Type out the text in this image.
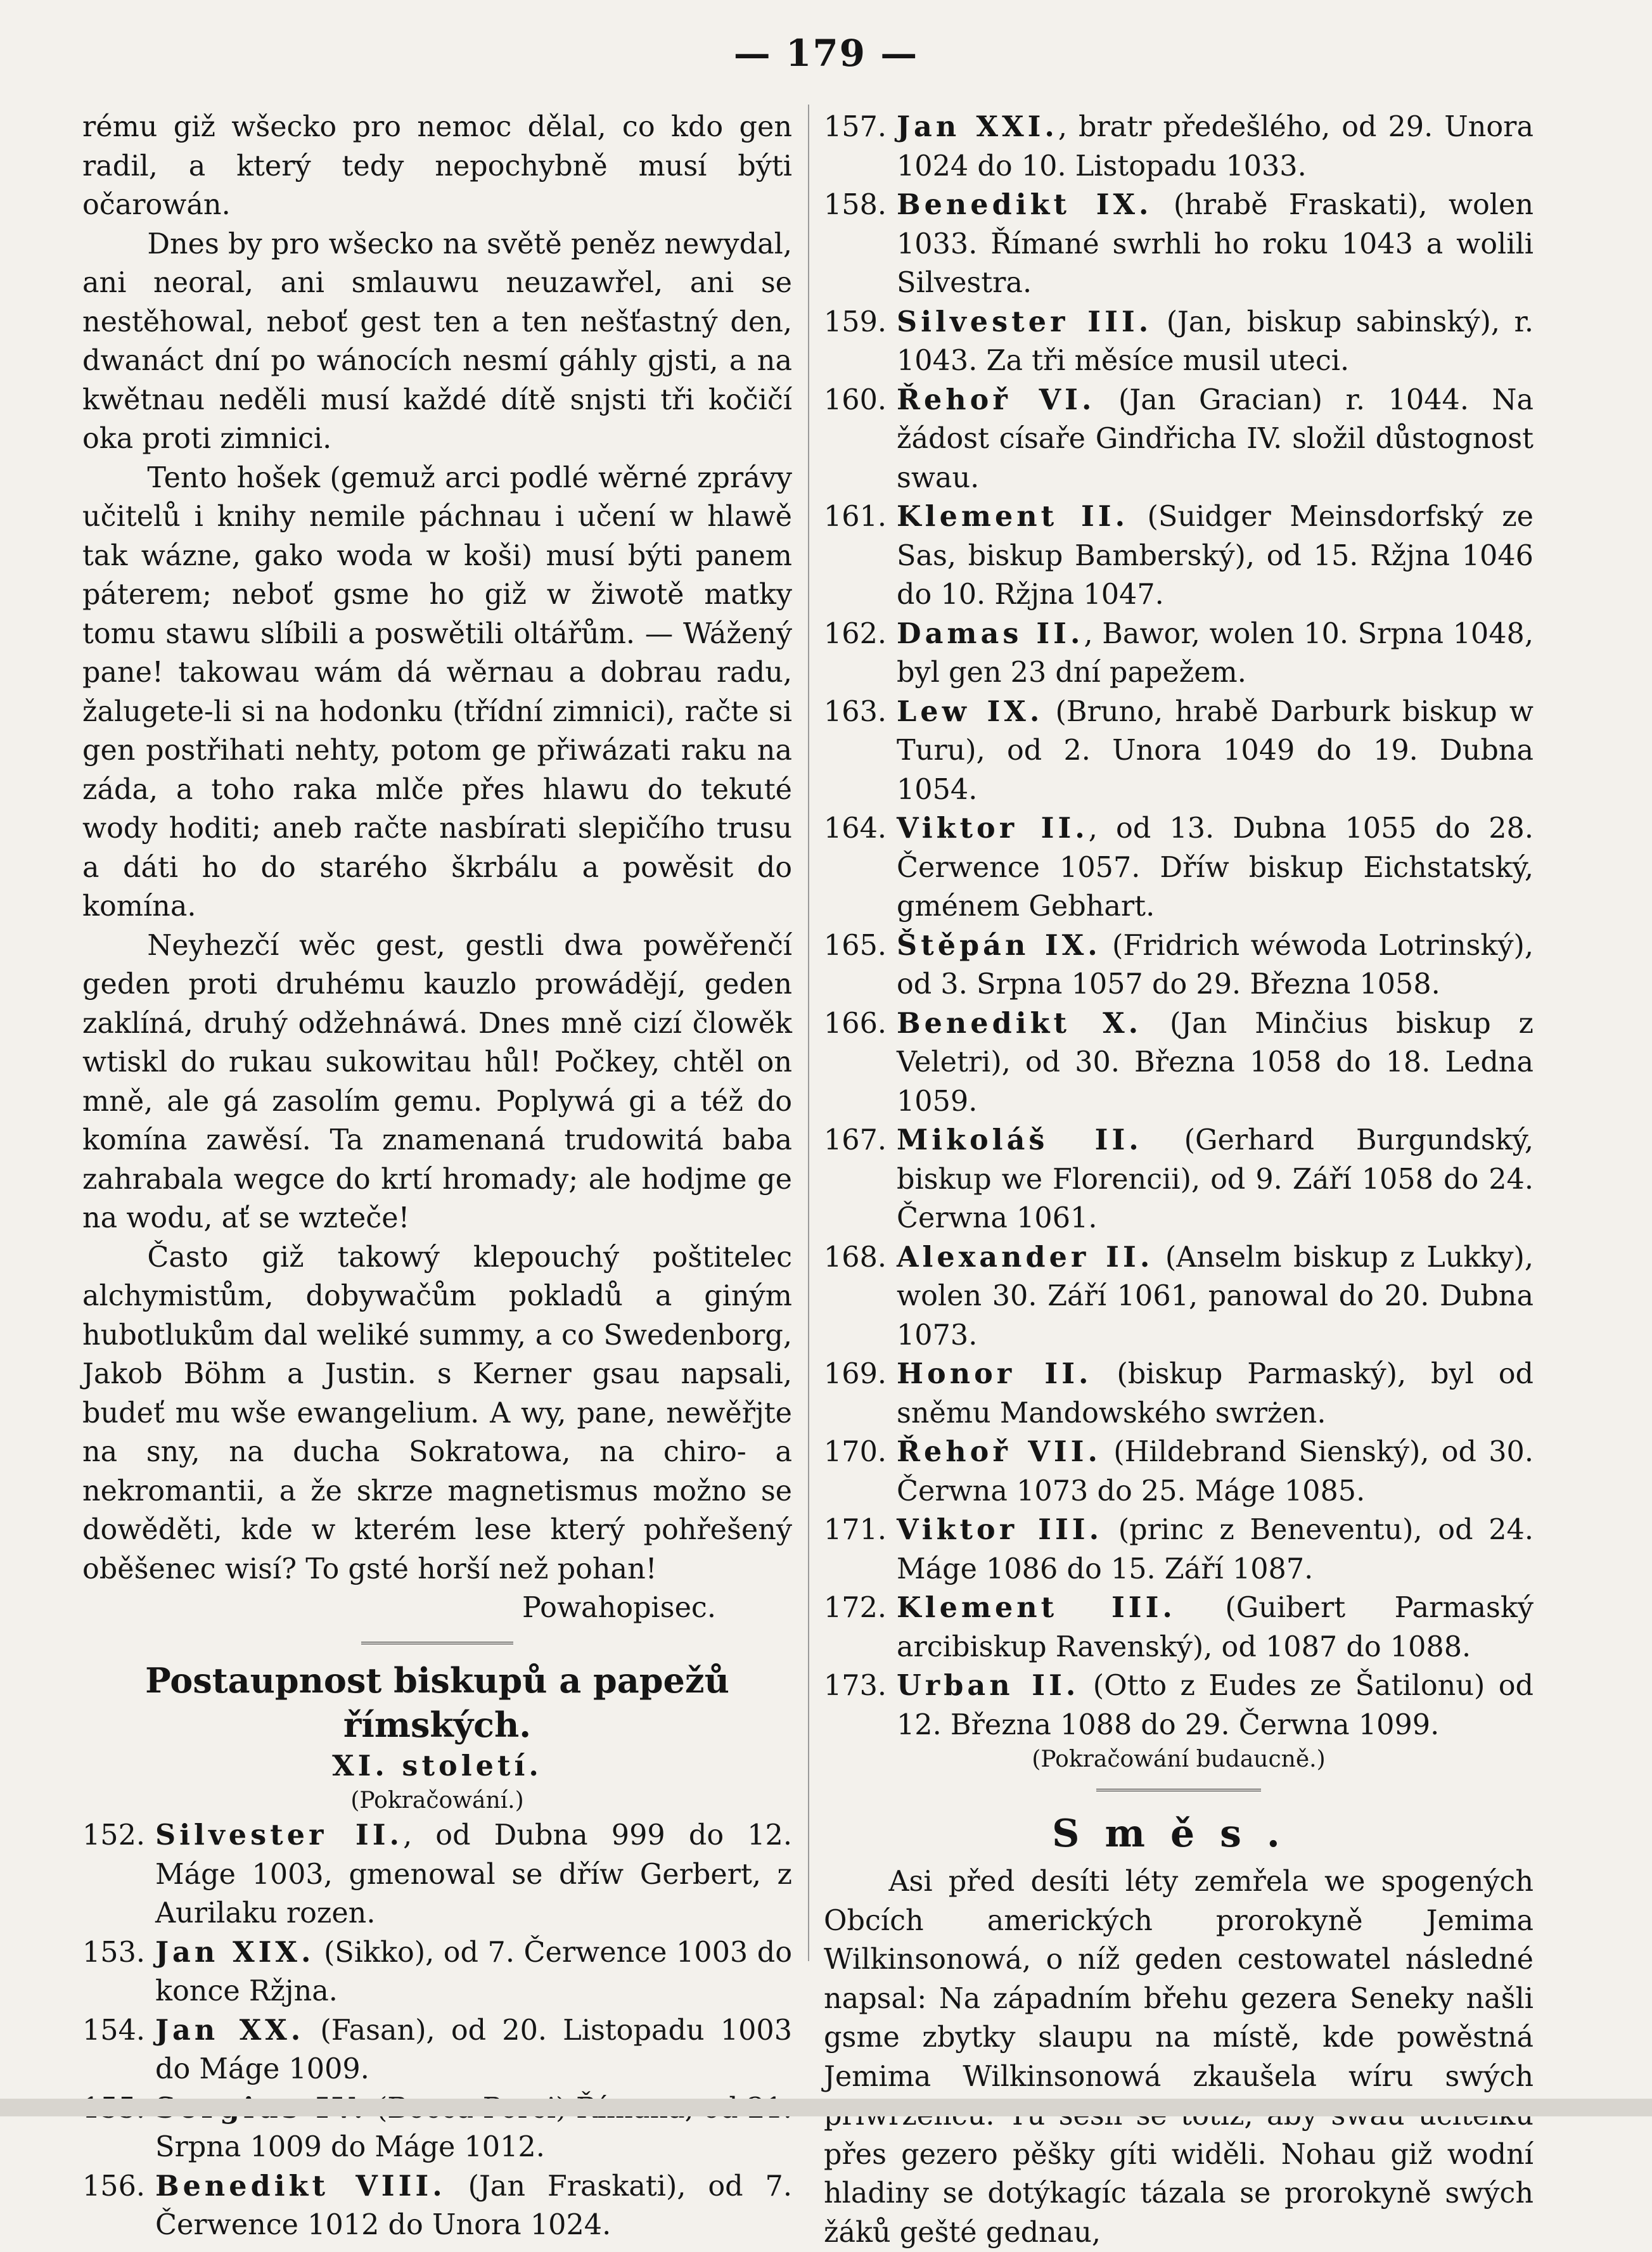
— 179 —

rému giž wšecko pro nemoc dělal, co kdo gen radil, a který tedy nepochybně musí býti očarowán.

Dnes by pro wšecko na světě peněz newydal, ani neoral, ani smlauwu neuzawřel, ani se nestěhowal, neboť gest ten a ten nešťastný den, dwanáct dní po wánocích nesmí gáhly gjsti, a na kwětnau neděli musí každé dítě snjsti tři kočičí oka proti zimnici.

Tento hošek (gemuž arci podlé wěrné zprávy učitelů i knihy nemile páchnau i učení w hlawě tak wázne, gako woda w koši) musí býti panem páterem; neboť gsme ho giž w žiwotě matky tomu stawu slíbili a poswětili oltářům. — Wážený pane! takowau wám dá wěrnau a dobrau radu, žalugete-li si na hodonku (třídní zimnici), račte si gen postřihati nehty, potom ge přiwázati raku na záda, a toho raka mlče přes hlawu do tekuté wody hoditi; aneb račte nasbírati slepičího trusu a dáti ho do starého škrbálu a powěsit do komína.

Neyhezčí wěc gest, gestli dwa powěřenčí geden proti druhému kauzlo prowádějí, geden zaklíná, druhý odžehnáwá. Dnes mně cizí člowěk wtiskl do rukau sukowitau hůl! Počkey, chtěl on mně, ale gá zasolím gemu. Poplywá gi a též do komína zawěsí. Ta znamenaná trudowitá baba zahrabala wegce do krtí hromady; ale hodjme ge na wodu, ať se wzteče!

Často giž takowý klepouchý poštitelec alchymistům, dobywačům pokladů a giným hubotlukům dal weliké summy, a co Swedenborg, Jakob Böhm a Justin. s Kerner gsau napsali, budeť mu wše ewangelium. A wy, pane, newěřjte na sny, na ducha Sokratowa, na chiro- a nekromantii, a že skrze magnetismus možno se dowěděti, kde w kterém lese který pohřešený oběšenec wisí? To gsté horší než pohan!

Powahopisec.

Postaupnost biskupů a papežů římských.
XI. století.
(Pokračowání.)
152. Silvester II., od Dubna 999 do 12. Máge 1003, gmenowal se dříw Gerbert, z Aurilaku rozen.
153. Jan XIX. (Sikko), od 7. Čerwence 1003 do konce Ržjna.
154. Jan XX. (Fasan), od 20. Listopadu 1003 do Máge 1009.
Srpna 1009 do Máge 1012.
156. Benedikt VIII. (Jan Fraskati), od 7. Čerwence 1012 do Unora 1024.
157. Jan XXI., bratr předešlého, od 29. Unora 1024 do 10. Listopadu 1033.
158. Benedikt IX. (hrabě Fraskati), wolen 1033. Římané swrhli ho roku 1043 a wolili Silvestra.
159. Silvester III. (Jan, biskup sabinský), r. 1043. Za tři měsíce musil uteci.
160. Řehoř VI. (Jan Gracian) r. 1044. Na žádost císaře Gindřicha IV. složil důstognost swau.
161. Klement II. (Suidger Meinsdorfský ze Sas, biskup Bamberský), od 15. Ržjna 1046 do 10. Ržjna 1047.
162. Damas II., Bawor, wolen 10. Srpna 1048, byl gen 23 dní papežem.
163. Lew IX. (Bruno, hrabě Darburk biskup w Turu), od 2. Unora 1049 do 19. Dubna 1054.
164. Viktor II., od 13. Dubna 1055 do 28. Čerwence 1057. Dříw biskup Eichstatský, gménem Gebhart.
165. Štěpán IX. (Fridrich wéwoda Lotrinský), od 3. Srpna 1057 do 29. Března 1058.
166. Benedikt X. (Jan Minčius biskup z Veletri), od 30. Března 1058 do 18. Ledna 1059.
167. Mikoláš II. (Gerhard Burgundský, biskup we Florencii), od 9. Září 1058 do 24. Čerwna 1061.
168. Alexander II. (Anselm biskup z Lukky), wolen 30. Září 1061, panowal do 20. Dubna 1073.
169. Honor II. (biskup Parmaský), byl od sněmu Mandowského swrżen.
170. Řehoř VII. (Hildebrand Sienský), od 30. Čerwna 1073 do 25. Máge 1085.
171. Viktor III. (princ z Beneventu), od 24. Máge 1086 do 15. Září 1087.
172. Klement III. (Guibert Parmaský arcibiskup Ravenský), od 1087 do 1088.
173. Urban II. (Otto z Eudes ze Šatilonu) od 12. Března 1088 do 29. Čerwna 1099.
(Pokračowání budaucně.)
Směs.

Asi před desíti léty zemřela we spogených Obcích amerických prorokyně Jemima Wilkinsonowá, o níž geden cestowatel následné napsal: Na západním břehu gezera Seneky našli gsme zbytky slaupu na místě, kde powěstná Jemima Wilkinsonowá zkaušela wíru swých přes gezero pěšky gíti widěli. Nohau giž wodní hladiny se dotýkagíc tázala se prorokyně swých žáků gešté gednau,
